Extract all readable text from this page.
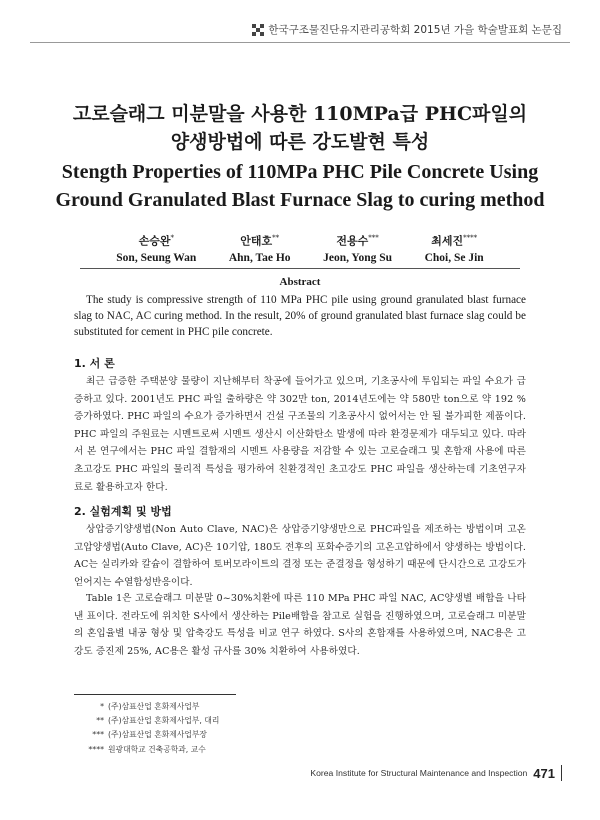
한국구조물진단유지관리공학회 2015년 가을 학술발표회 논문집
고로슬래그 미분말을 사용한 110MPa급 PHC파일의
양생방법에 따른 강도발현 특성
Stength Properties of 110MPa PHC Pile Concrete Using
Ground Granulated Blast Furnace Slag to curing method
손승완*
Son, Seung Wan
안태호**
Ahn, Tae Ho
전용수***
Jeon, Yong Su
최세진****
Choi, Se Jin
Abstract
The study is compressive strength of 110 MPa PHC pile using ground granulated blast furnace slag to NAC, AC curing method. In the result, 20% of ground granulated blast furnace slag could be substituted for cement in PHC pile concrete.
1. 서 론
최근 급증한 주택분양 물량이 지난해부터 착공에 들어가고 있으며, 기초공사에 투입되는 파일 수요가 급증하고 있다. 2001년도 PHC 파일 출하량은 약 302만 ton, 2014년도에는 약 580만 ton으로 약 192 % 증가하였다. PHC 파일의 수요가 증가하면서 건설 구조물의 기초공사시 없어서는 안 될 불가피한 제품이다. PHC 파일의 주원료는 시멘트로써 시멘트 생산시 이산화탄소 발생에 따라 환경문제가 대두되고 있다. 따라서 본 연구에서는 PHC 파일 결합재의 시멘트 사용량을 저감할 수 있는 고로슬래그 및 혼합재 사용에 따른 초고강도 PHC 파일의 물리적 특성을 평가하여 친환경적인 초고강도 PHC 파일을 생산하는데 기초연구자료로 활용하고자 한다.
2. 실험계획 및 방법
상압증기양생법(Non Auto Clave, NAC)은 상압증기양생만으로 PHC파일을 제조하는 방법이며 고온고압양생법(Auto Clave, AC)은 10기압, 180도 전후의 포화수증기의 고온고압하에서 양생하는 방법이다. AC는 실리카와 칼슘이 결합하여 토버모라이트의 결정 또는 준결정을 형성하기 때문에 단시간으로 고강도가 얻어지는 수열합성반응이다.
Table 1은 고로슬래그 미분말 0~30%치환에 따른 110 MPa PHC 파일 NAC, AC양생별 배합을 나타낸 표이다. 전라도에 위치한 S사에서 생산하는 Pile배합을 참고로 실험을 진행하였으며, 고로슬래그 미분말의 혼입율별 내공 형상 및 압축강도 특성을 비교 연구 하였다. S사의 혼합재를 사용하였으며, NAC용은 고강도 증진제 25%, AC용은 활성 규사를 30% 치환하여 사용하였다.
* (주)삼표산업 혼화제사업부
** (주)삼표산업 혼화제사업부, 대리
*** (주)삼표산업 혼화제사업부장
**** 원광대학교 건축공학과, 교수
Korea Institute for Structural Maintenance and Inspection 471
